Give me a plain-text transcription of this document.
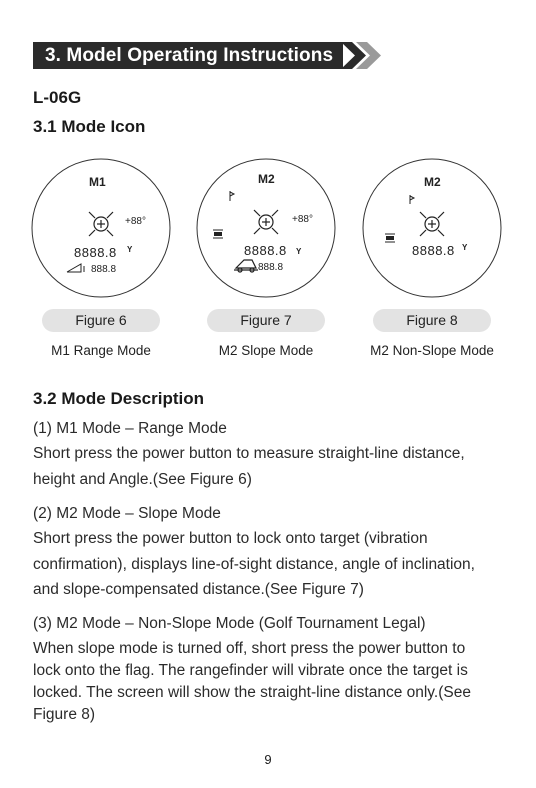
3. Model Operating Instructions
L-06G
3.1 Mode Icon
M1
+88°
8888.8 Y
888.8
Figure 6
M1 Range Mode
M2
+88°
8888.8 Y
888.8
Figure 7
M2 Slope Mode
M2
8888.8 Y
Figure 8
M2 Non-Slope Mode
3.2 Mode Description
(1) M1 Mode – Range Mode
Short press the power button to measure straight-line distance,
height and Angle.(See Figure 6)
(2) M2 Mode – Slope Mode
Short press the power button to lock onto target (vibration
confirmation), displays line-of-sight distance, angle of inclination,
and slope-compensated distance.(See Figure 7)
(3) M2 Mode – Non-Slope Mode (Golf Tournament Legal)
When slope mode is turned off, short press the power button to
lock onto the flag. The rangefinder will vibrate once the target is
locked. The screen will show the straight-line distance only.(See
Figure 8)
9
